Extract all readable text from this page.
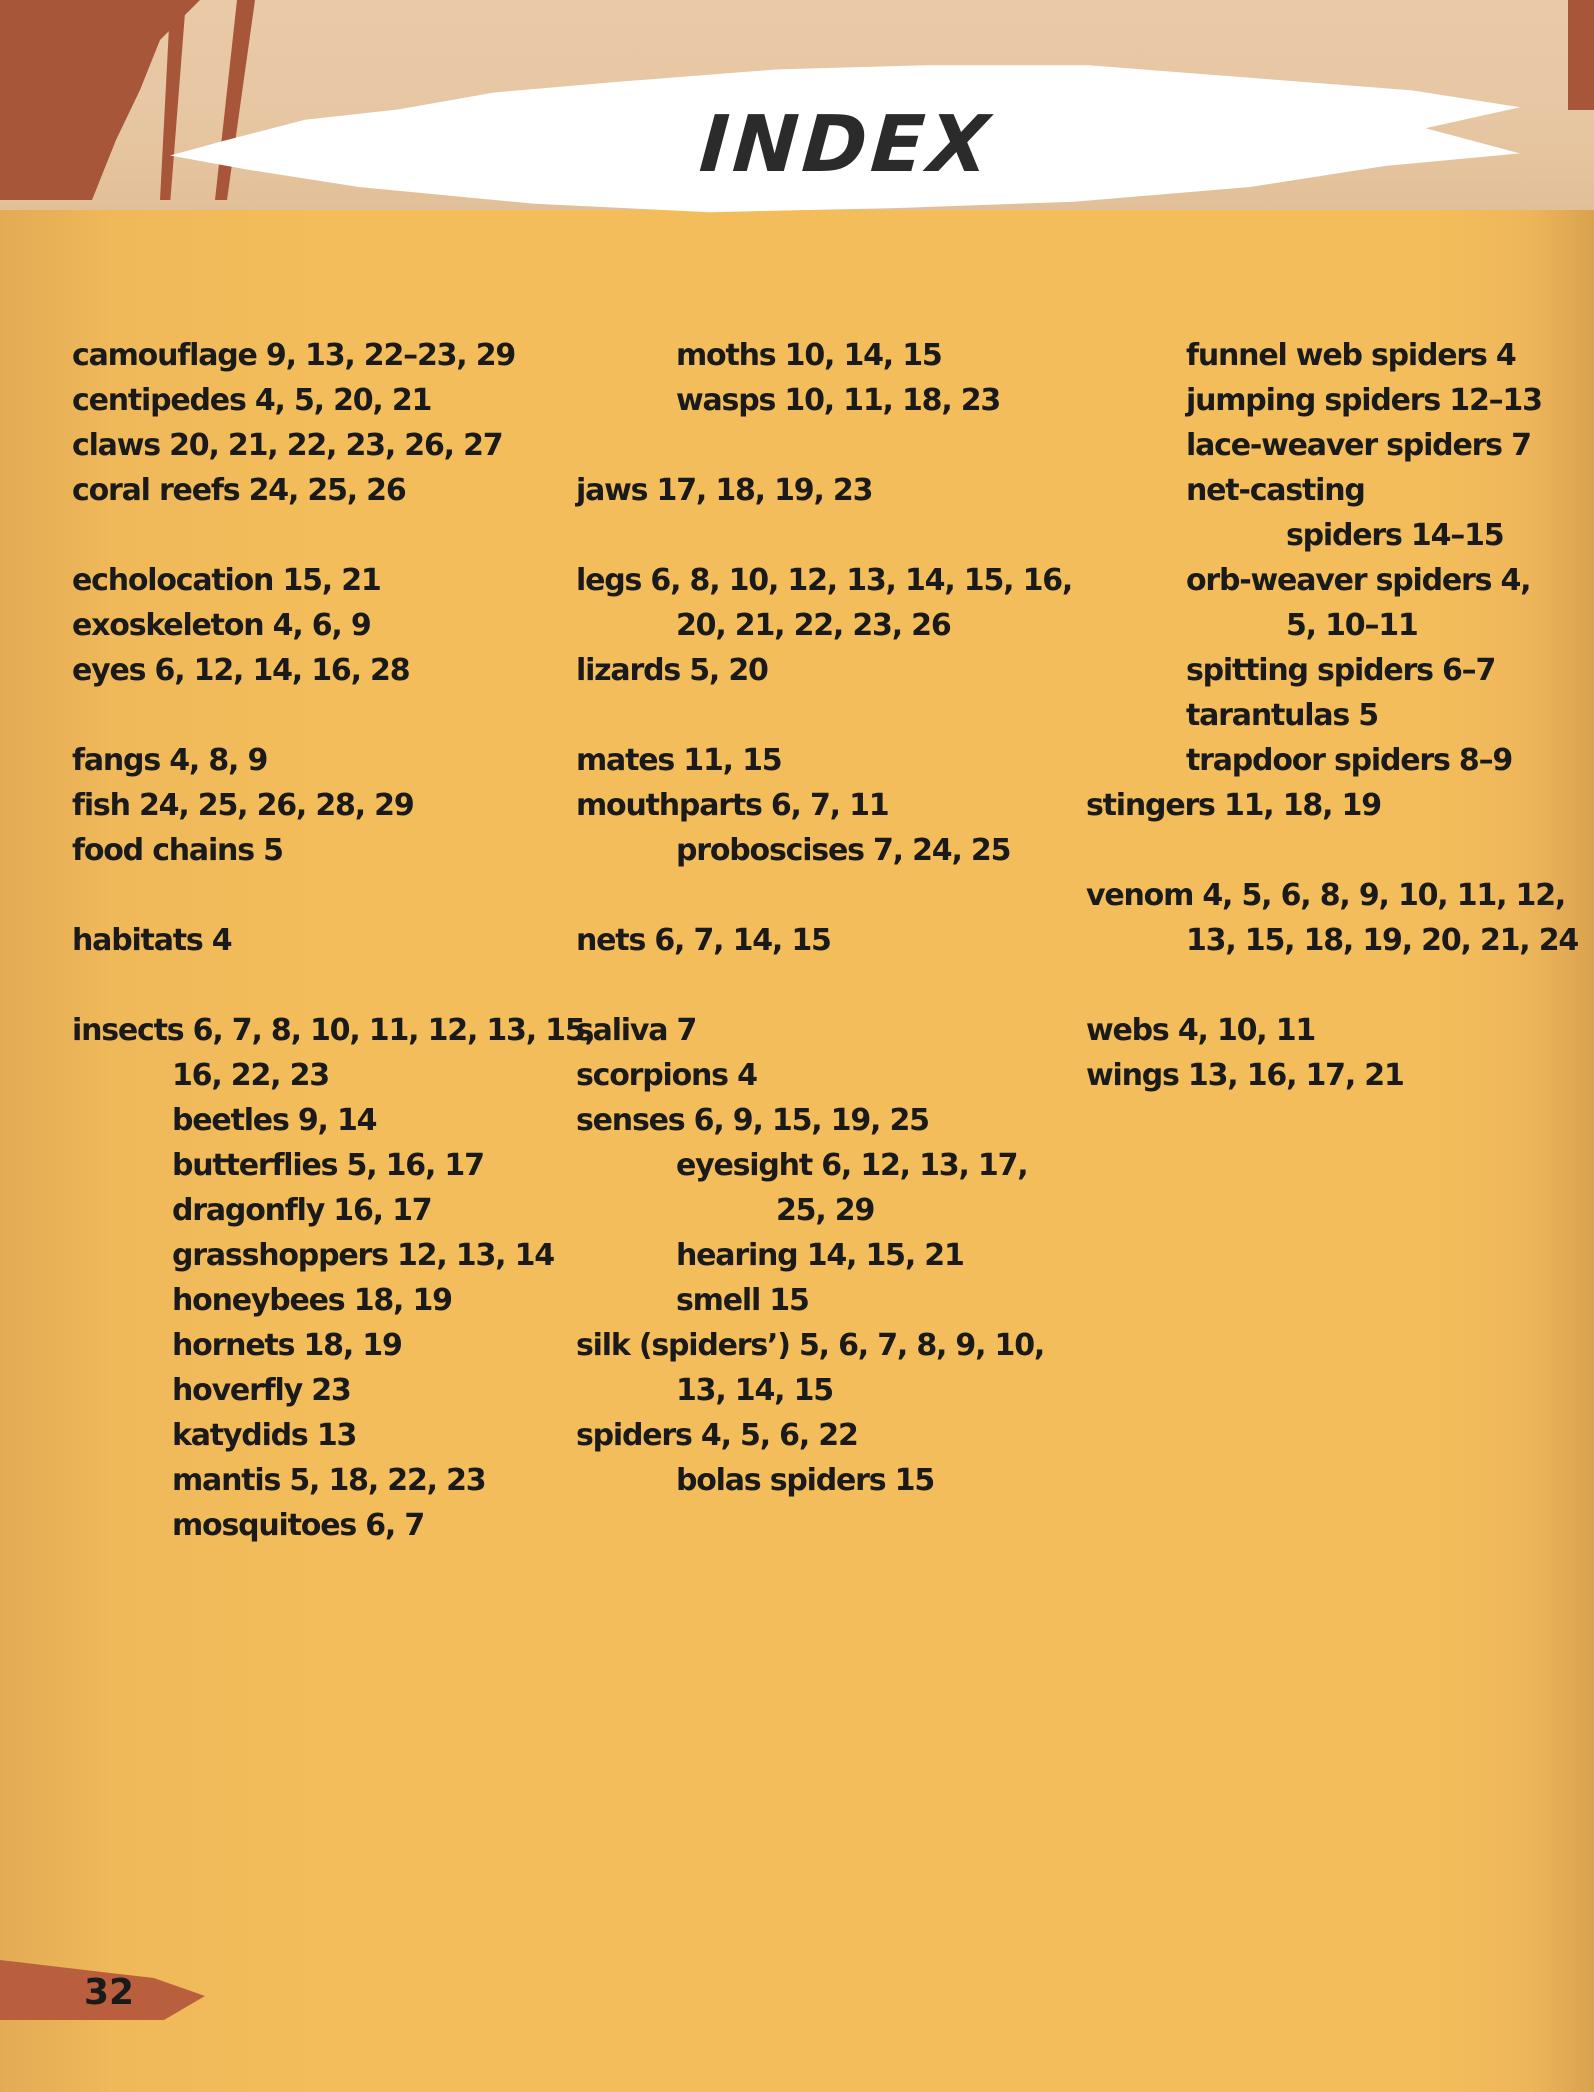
INDEX

camouflage 9, 13, 22–23, 29

centipedes 4, 5, 20, 21

claws 20, 21, 22, 23, 26, 27

coral reefs 24, 25, 26

echolocation 15, 21

exoskeleton 4, 6, 9

eyes 6, 12, 14, 16, 28

fangs 4, 8, 9

fish 24, 25, 26, 28, 29

food chains 5

habitats 4

insects 6, 7, 8, 10, 11, 12, 13, 15,

16, 22, 23

beetles 9, 14

butterflies 5, 16, 17

dragonfly 16, 17

grasshoppers 12, 13, 14

honeybees 18, 19

hornets 18, 19

hoverfly 23

katydids 13

mantis 5, 18, 22, 23

mosquitoes 6, 7

moths 10, 14, 15

wasps 10, 11, 18, 23

jaws 17, 18, 19, 23

legs 6, 8, 10, 12, 13, 14, 15, 16,

20, 21, 22, 23, 26

lizards 5, 20

mates 11, 15

mouthparts 6, 7, 11

proboscises 7, 24, 25

nets 6, 7, 14, 15

saliva 7

scorpions 4

senses 6, 9, 15, 19, 25

eyesight 6, 12, 13, 17,

25, 29

hearing 14, 15, 21

smell 15

silk (spiders’) 5, 6, 7, 8, 9, 10,

13, 14, 15

spiders 4, 5, 6, 22

bolas spiders 15

funnel web spiders 4

jumping spiders 12–13

lace-weaver spiders 7

net-casting

spiders 14–15

orb-weaver spiders 4,

5, 10–11

spitting spiders 6–7

tarantulas 5

trapdoor spiders 8–9

stingers 11, 18, 19

venom 4, 5, 6, 8, 9, 10, 11, 12,

13, 15, 18, 19, 20, 21, 24

webs 4, 10, 11

wings 13, 16, 17, 21

32
